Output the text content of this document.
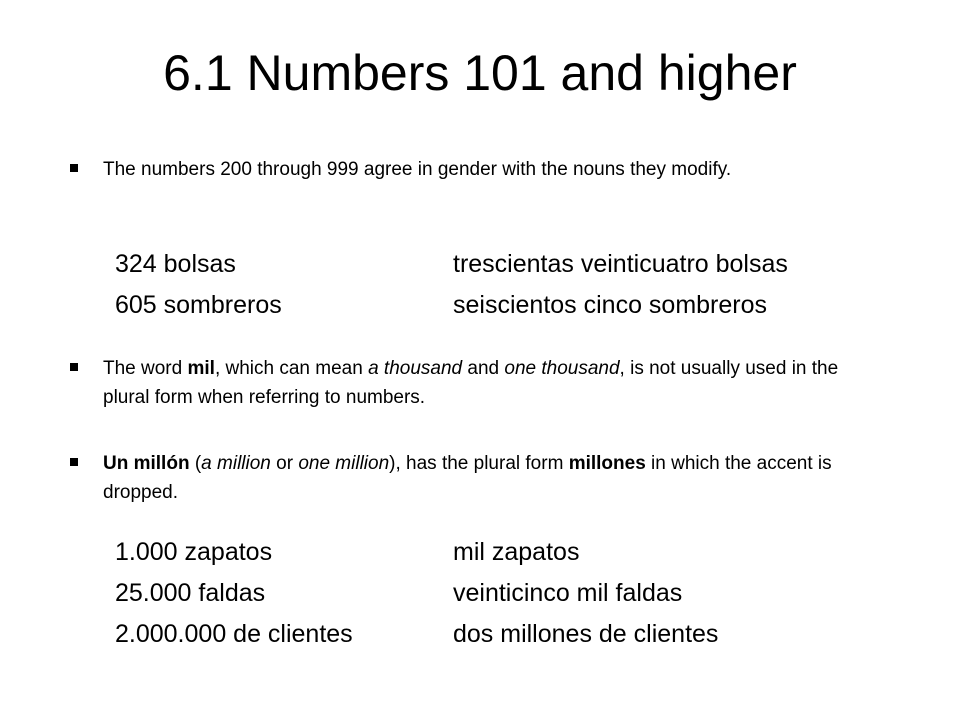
6.1 Numbers 101 and higher
The numbers 200 through 999 agree in gender with the nouns they modify.
324 bolsas	trescientas veinticuatro bolsas
605 sombreros	seiscientos cinco sombreros
The word mil, which can mean a thousand and one thousand, is not usually used in the plural form when referring to numbers.
Un millón (a million or one million), has the plural form millones in which the accent is dropped.
1.000 zapatos	mil zapatos
25.000 faldas	veinticinco mil faldas
2.000.000 de clientes	dos millones de clientes
